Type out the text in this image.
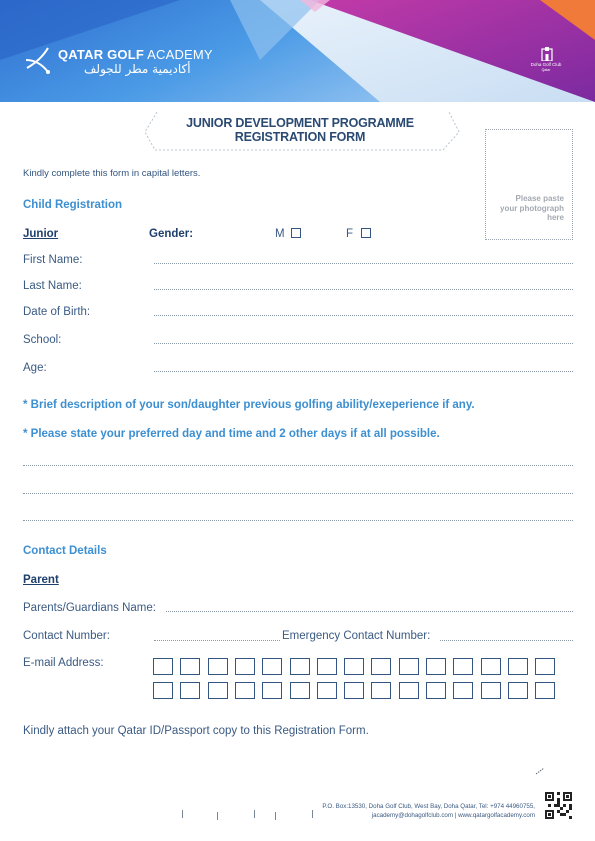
QATAR GOLF ACADEMY
أكاديمية مطر للجولف	Doha Golf Club
Qatar
JUNIOR DEVELOPMENT PROGRAMME
REGISTRATION FORM
Please paste your photograph here
Kindly complete this form in capital letters.
Child Registration
Junior	Gender:	M	F
First Name:
Last Name:
Date of Birth:
School:
Age:
* Brief description of your son/daughter previous golfing ability/exeperience if any.
* Please state your preferred day and time and 2 other days if at all possible.
Contact Details
Parent
Parents/Guardians Name:
Contact Number:	Emergency Contact Number:
E-mail Address:
Kindly attach your Qatar ID/Passport copy to this Registration Form.
P.O. Box:13530, Doha Golf Club, West Bay, Doha Qatar, Tel: +974 44960755,
jacademy@dohagolfclub.com | www.qatargolfacademy.com
